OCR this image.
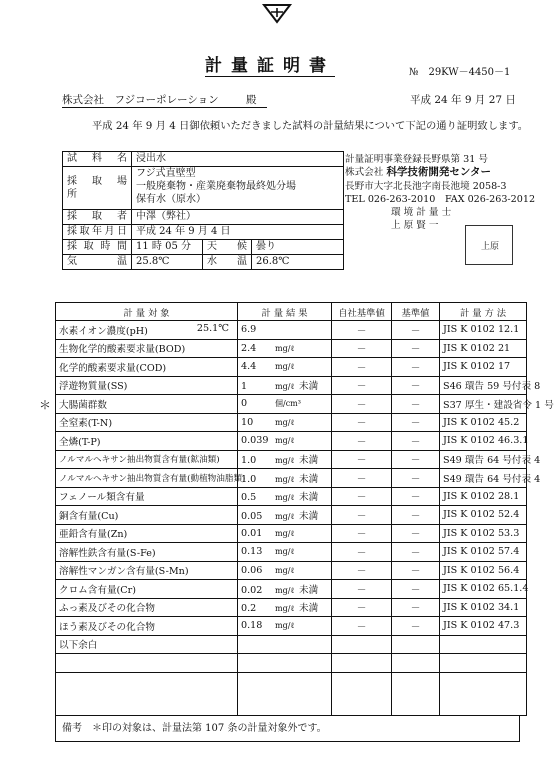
計量証明書	№　29KW－4450－1
株式会社　フジコーポレーション	殿	平成 24 年 9 月 27 日
平成 24 年 9 月 4 日御依頼いただきました試料の計量結果について下記の通り証明致します。
試　料　名	浸出水		
採　取　場　所	フジ式直壁型
一般廃棄物・産業廃棄物最終処分場
保有水（原水）		

採　取　者	中澤（弊社）		
採取年月日	平成 24 年 9 月 4 日		
採取時間	11 時 05 分	天　候	曇り
気　温	25.8℃	水　温	26.8℃
計量証明事業登録長野県第 31 号
株式会社 科学技術開発センター
長野市大字北長池字南長池境 2058-3
TEL 026-263-2010　FAX 026-263-2012
環 境 計 量 士
上 原 賢 一
上原
計 量 対 象	計 量 結 果	自社基準値	基準値	計 量 方 法
水素イオン濃度(pH) 25.1℃	6.9	－	－	JIS K 0102 12.1
生物化学的酸素要求量(BOD)	2.4 mg/ℓ	－	－	JIS K 0102 21
化学的酸素要求量(COD)	4.4 mg/ℓ	－	－	JIS K 0102 17
浮遊物質量(SS)	1 mg/ℓ 未満	－	－	S46 環告 59 号付表 8
大腸菌群数	0 個/cm³	－	－	S37 厚生・建設省令 1 号
全窒素(T-N)	10 mg/ℓ	－	－	JIS K 0102 45.2
全燐(T-P)	0.039 mg/ℓ	－	－	JIS K 0102 46.3.1
ノルマルヘキサン抽出物質含有量(鉱油類)	1.0 mg/ℓ 未満	－	－	S49 環告 64 号付表 4
ノルマルヘキサン抽出物質含有量(動植物油脂類)	1.0 mg/ℓ 未満	－	－	S49 環告 64 号付表 4
フェノール類含有量	0.5 mg/ℓ 未満	－	－	JIS K 0102 28.1
銅含有量(Cu)	0.05 mg/ℓ 未満	－	－	JIS K 0102 52.4
亜鉛含有量(Zn)	0.01 mg/ℓ	－	－	JIS K 0102 53.3
溶解性鉄含有量(S-Fe)	0.13 mg/ℓ	－	－	JIS K 0102 57.4
溶解性マンガン含有量(S-Mn)	0.06 mg/ℓ	－	－	JIS K 0102 56.4
クロム含有量(Cr)	0.02 mg/ℓ 未満	－	－	JIS K 0102 65.1.4
ふっ素及びその化合物	0.2 mg/ℓ 未満	－	－	JIS K 0102 34.1
ほう素及びその化合物	0.18 mg/ℓ	－	－	JIS K 0102 47.3
以下余白				

＊
備考　＊印の対象は、計量法第 107 条の計量対象外です。
